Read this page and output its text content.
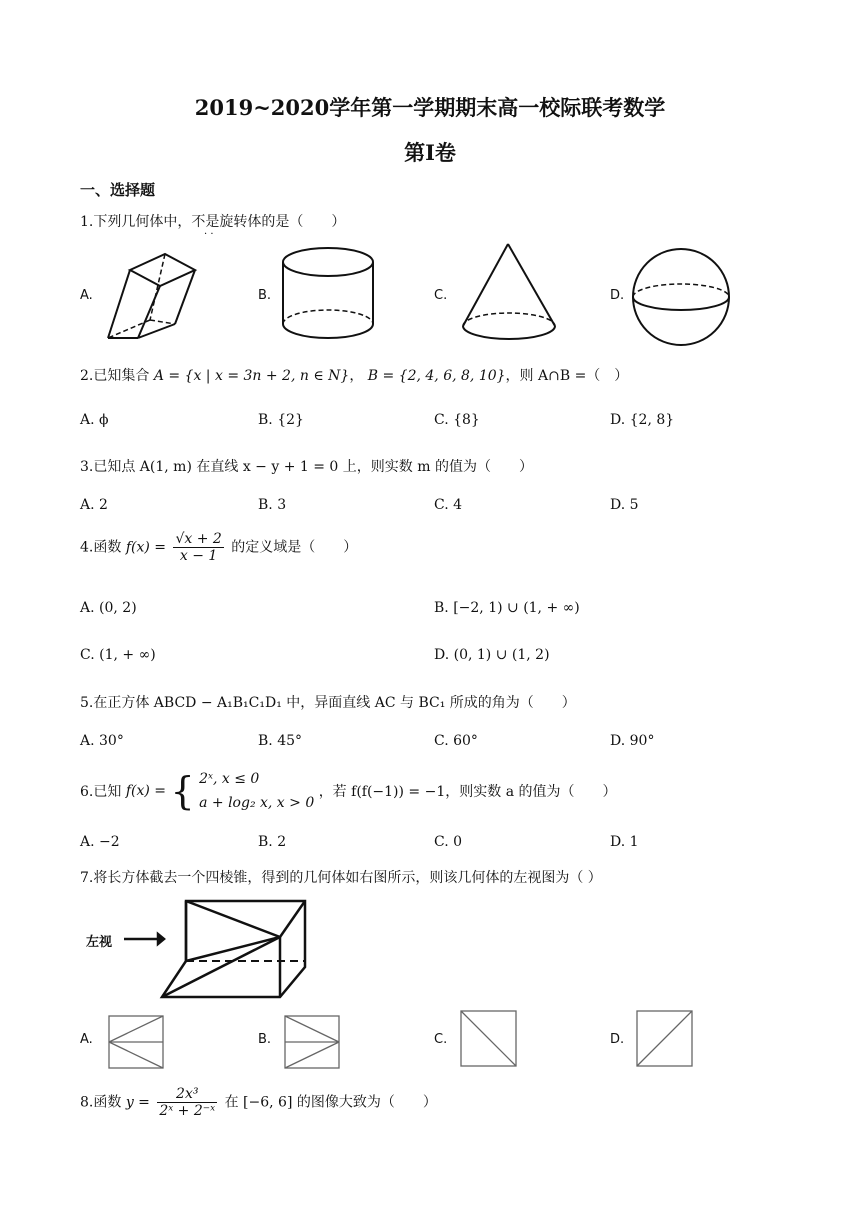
2019~2020学年第一学期期末高一校际联考数学
第Ⅰ卷
一、选择题
1.下列几何体中，不是旋转体的是（　　）
· ·
A.	B.	C.	D.
2.已知集合 A = {x | x = 3n + 2, n ∈ N}， B = {2, 4, 6, 8, 10}，则 A∩B =（　）
A. ϕ	B. {2}	C. {8}	D. {2, 8}
3.已知点 A(1, m) 在直线 x − y + 1 = 0 上，则实数 m 的值为（　　）
A. 2	B. 3	C. 4	D. 5
4.函数 $f(x) = \frac{√x + 2}{x - 1}$ 的定义域是（　　）
A. (0, 2)	B. [−2, 1) ∪ (1, + ∞)
C. (1, + ∞)	D. (0, 1) ∪ (1, 2)
5.在正方体 ABCD − A₁B₁C₁D₁ 中，异面直线 AC 与 BC₁ 所成的角为（　　）
A. 30°	B. 45°	C. 60°	D. 90°
6.已知 f(x) = { 2ˣ, x ≤ 0
a + log₂ x, x > 0
，若 f(f(−1)) = −1，则实数 a 的值为（　　）
A. −2	B. 2	C. 0	D. 1
7.将长方体截去一个四棱锥，得到的几何体如右图所示，则该几何体的左视图为（ ）
左视
A.	B.	C.	D.
8.函数 $y = \frac{\text{2x³}}{\text{2ˣ + 2⁻ˣ}}$ 在 [−6, 6] 的图像大致为（　　）
